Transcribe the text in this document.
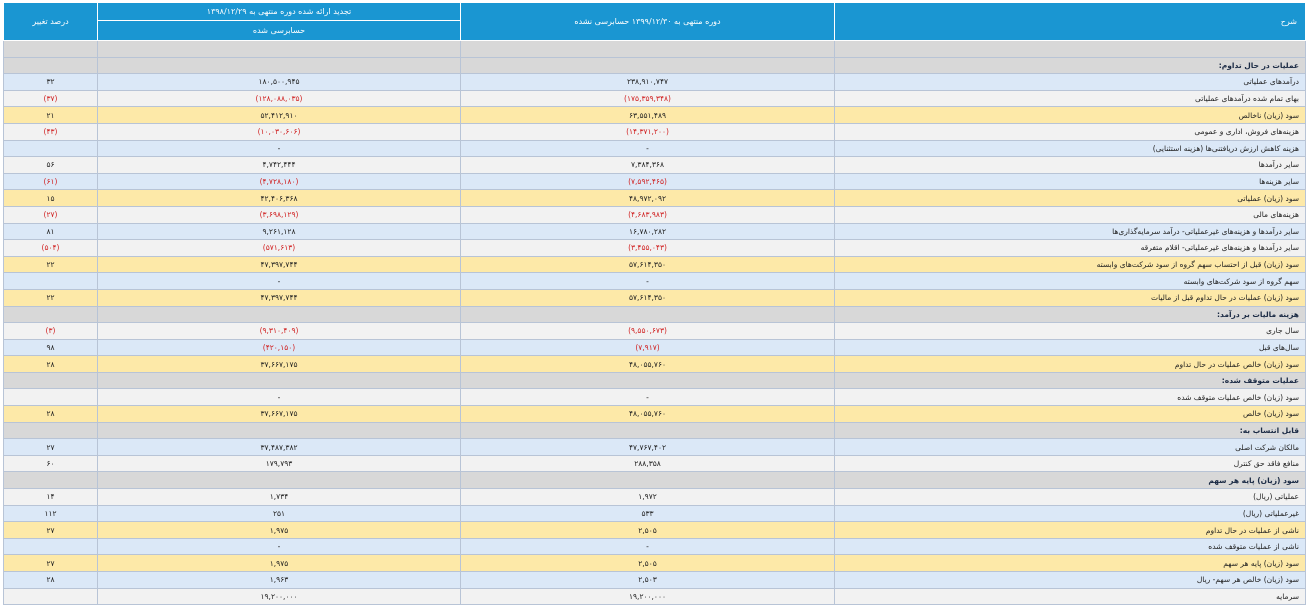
شرح	دوره منتهی به ۱۳۹۹/۱۲/۳۰ حسابرسی نشده	تجدید ارائه شده دوره منتهی به ۱۳۹۸/۱۲/۲۹	درصد تغییر
		حسابرسی شده	

عملیات در حال تداوم:			
درآمدهای عملیاتی	۲۳۸,۹۱۰,۷۴۷	۱۸۰,۵۰۰,۹۴۵	۳۲
بهای تمام شده درآمدهای عملیاتی	(۱۷۵,۳۵۹,۳۴۸)	(۱۲۸,۰۸۸,۰۳۵)	(۳۷)
سود (زیان) ناخالص	۶۳,۵۵۱,۴۸۹	۵۲,۴۱۲,۹۱۰	۲۱
هزینه‌های فروش، اداری و عمومی	(۱۴,۳۷۱,۲۰۰)	(۱۰,۰۳۰,۶۰۶)	(۴۳)
هزینه کاهش ارزش دریافتنی‌ها (هزینه استثنایی)	-	-	
سایر درآمدها	۷,۳۸۴,۳۶۸	۴,۷۴۲,۴۴۴	۵۶
سایر هزینه‌ها	(۷,۵۹۲,۴۶۵)	(۴,۷۲۸,۱۸۰)	(۶۱)
سود (زیان) عملیاتی	۴۸,۹۷۲,۰۹۲	۴۲,۴۰۶,۳۶۸	۱۵
هزینه‌های مالی	(۴,۶۸۳,۹۸۳)	(۳,۶۹۸,۱۲۹)	(۲۷)
سایر درآمدها و هزینه‌های غیرعملیاتی- درآمد سرمایه‌گذاری‌ها	۱۶,۷۸۰,۲۸۲	۹,۲۶۱,۱۲۸	۸۱
سایر درآمدها و هزینه‌های غیرعملیاتی- اقلام متفرقه	(۳,۴۵۵,۰۴۳)	(۵۷۱,۶۱۳)	(۵۰۴)
سود (زیان) قبل از احتساب سهم گروه از سود شرکت‌های وابسته	۵۷,۶۱۴,۳۵۰	۴۷,۳۹۷,۷۴۴	۲۲
سهم گروه از سود شرکت‌های وابسته	-	-	
سود (زیان) عملیات در حال تداوم قبل از مالیات	۵۷,۶۱۴,۳۵۰	۴۷,۳۹۷,۷۴۴	۲۲
هزینه مالیات بر درآمد:			
سال جاری	(۹,۵۵۰,۶۷۳)	(۹,۳۱۰,۴۰۹)	(۳)
سال‌های قبل	(۷,۹۱۷)	(۴۲۰,۱۵۰)	۹۸
سود (زیان) خالص عملیات در حال تداوم	۴۸,۰۵۵,۷۶۰	۳۷,۶۶۷,۱۷۵	۲۸
عملیات متوقف شده:			
سود (زیان) خالص عملیات متوقف شده	-	-	
سود (زیان) خالص	۴۸,۰۵۵,۷۶۰	۳۷,۶۶۷,۱۷۵	۲۸
قابل انتساب به:			
مالکان شرکت اصلی	۴۷,۷۶۷,۴۰۲	۳۷,۴۸۷,۳۸۲	۲۷
منافع فاقد حق کنترل	۲۸۸,۳۵۸	۱۷۹,۷۹۳	۶۰
سود (زیان) پایه هر سهم			
عملیاتی (ریال)	۱,۹۷۲	۱,۷۳۴	۱۴
غیرعملیاتی (ریال)	۵۳۳	۲۵۱	۱۱۲
ناشی از عملیات در حال تداوم	۲,۵۰۵	۱,۹۷۵	۲۷
ناشی از عملیات متوقف شده	-	-	
سود (زیان) پایه هر سهم	۲,۵۰۵	۱,۹۷۵	۲۷
سود (زیان) خالص هر سهم- ریال	۲,۵۰۳	۱,۹۶۳	۲۸
سرمایه	۱۹,۲۰۰,۰۰۰	۱۹,۲۰۰,۰۰۰	
